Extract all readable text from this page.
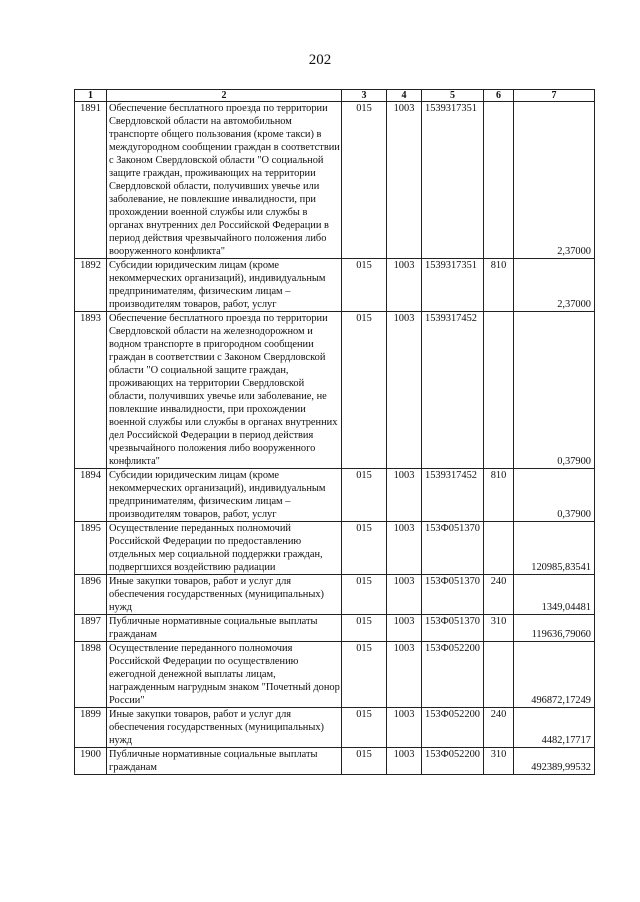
202
1	2	3	4	5	6	7
1891	Обеспечение бесплатного проезда по территории Свердловской области на автомобильном транспорте общего пользования (кроме такси) в междугородном сообщении граждан в соответствии с Законом Свердловской области "О социальной защите граждан, проживающих на территории Свердловской области, получивших увечье или заболевание, не повлекшие инвалидности, при прохождении военной службы или службы в органах внутренних дел Российской Федерации в период действия чрезвычайного положения либо вооруженного конфликта"	015	1003	1539317351		2,37000
1892	Субсидии юридическим лицам (кроме некоммерческих организаций), индивидуальным предпринимателям, физическим лицам – производителям товаров, работ, услуг	015	1003	1539317351	810	2,37000
1893	Обеспечение бесплатного проезда по территории Свердловской области на железнодорожном и водном транспорте в пригородном сообщении граждан в соответствии с Законом Свердловской области "О социальной защите граждан, проживающих на территории Свердловской области, получивших увечье или заболевание, не повлекшие инвалидности, при прохождении военной службы или службы в органах внутренних дел Российской Федерации в период действия чрезвычайного положения либо вооруженного конфликта"	015	1003	1539317452		0,37900
1894	Субсидии юридическим лицам (кроме некоммерческих организаций), индивидуальным предпринимателям, физическим лицам – производителям товаров, работ, услуг	015	1003	1539317452	810	0,37900
1895	Осуществление переданных полномочий Российской Федерации по предоставлению отдельных мер социальной поддержки граждан, подвергшихся воздействию радиации	015	1003	153Ф051370		120985,83541
1896	Иные закупки товаров, работ и услуг для обеспечения государственных (муниципальных) нужд	015	1003	153Ф051370	240	1349,04481
1897	Публичные нормативные социальные выплаты гражданам	015	1003	153Ф051370	310	119636,79060
1898	Осуществление переданного полномочия Российской Федерации по осуществлению ежегодной денежной выплаты лицам, награжденным нагрудным знаком "Почетный донор России"	015	1003	153Ф052200		496872,17249
1899	Иные закупки товаров, работ и услуг для обеспечения государственных (муниципальных) нужд	015	1003	153Ф052200	240	4482,17717
1900	Публичные нормативные социальные выплаты гражданам	015	1003	153Ф052200	310	492389,99532
